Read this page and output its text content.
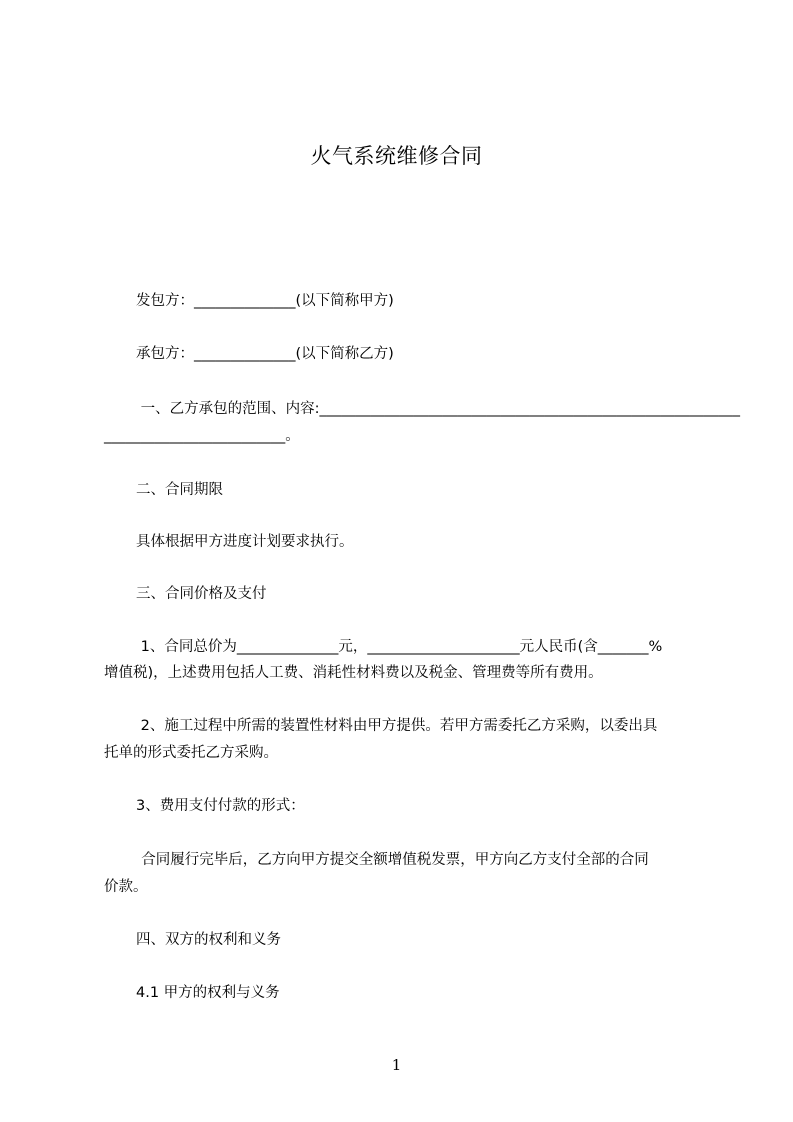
火气系统维修合同
发包方：______________(以下简称甲方)
承包方：______________(以下简称乙方)
一、乙方承包的范围、内容:__________________________________________________________
_________________________。
二、合同期限
具体根据甲方进度计划要求执行。
三、合同价格及支付
1、合同总价为______________元，_____________________元人民币(含_______%
增值税)，上述费用包括人工费、消耗性材料费以及税金、管理费等所有费用。
2、施工过程中所需的装置性材料由甲方提供。若甲方需委托乙方采购，以委出具
托单的形式委托乙方采购。
3、费用支付付款的形式：
合同履行完毕后，乙方向甲方提交全额增值税发票，甲方向乙方支付全部的合同
价款。
四、双方的权利和义务
4.1 甲方的权利与义务
1
